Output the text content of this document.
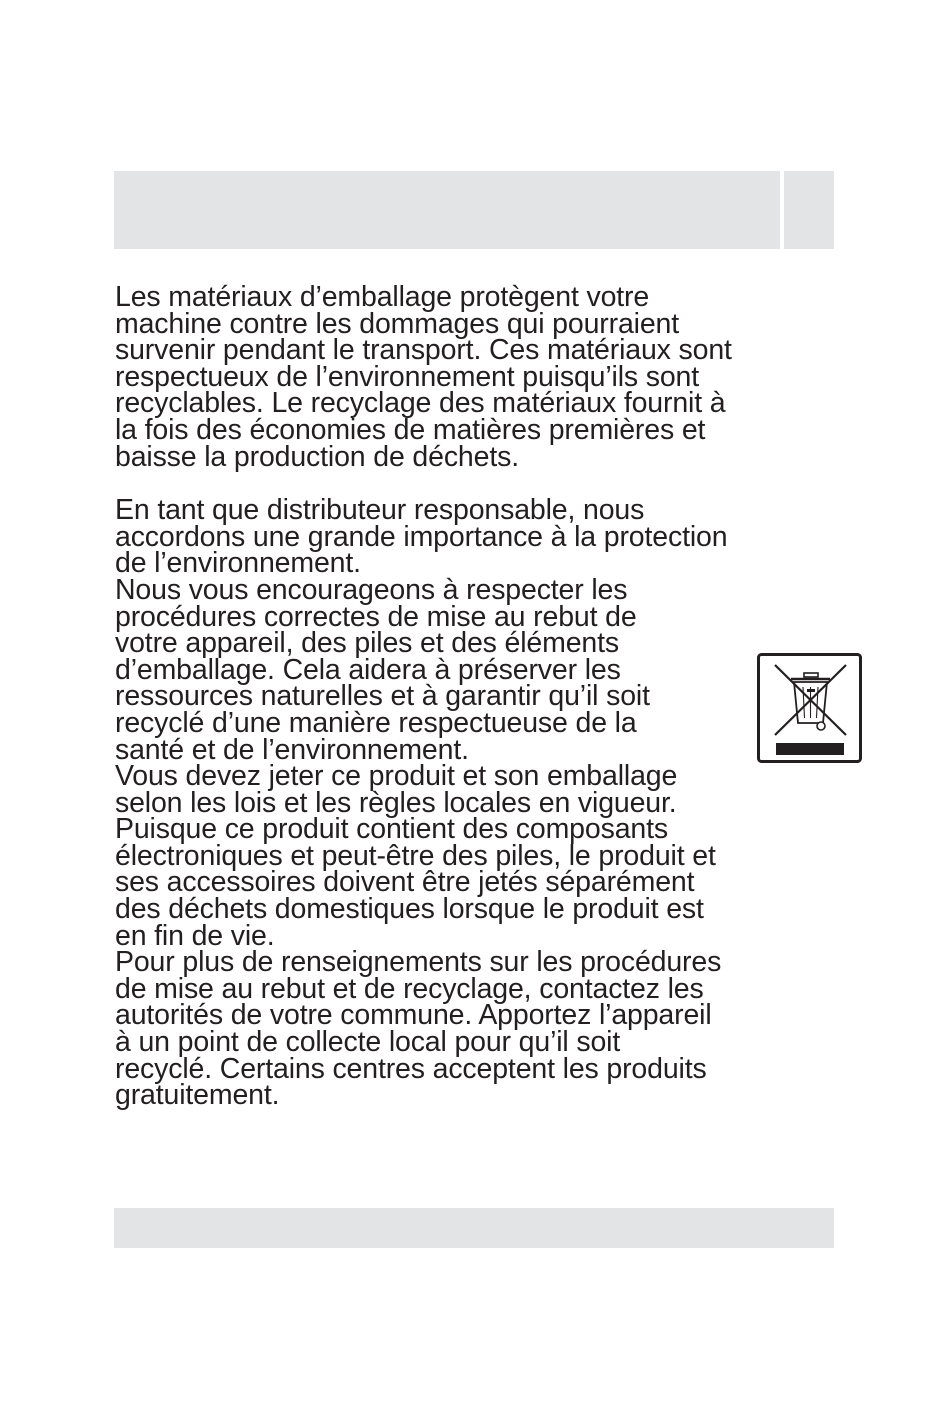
Les matériaux d’emballage protègent votre
machine contre les dommages qui pourraient
survenir pendant le transport. Ces matériaux sont
respectueux de l’environnement puisqu’ils sont
recyclables. Le recyclage des matériaux fournit à
la fois des économies de matières premières et
baisse la production de déchets.

En tant que distributeur responsable, nous
accordons une grande importance à la protection
de l’environnement.

Nous vous encourageons à respecter les
procédures correctes de mise au rebut de
votre appareil, des piles et des éléments
d’emballage. Cela aidera à préserver les
ressources naturelles et à garantir qu’il soit
recyclé d’une manière respectueuse de la
santé et de l’environnement.

Vous devez jeter ce produit et son emballage
selon les lois et les règles locales en vigueur.
Puisque ce produit contient des composants
électroniques et peut-être des piles, le produit et
ses accessoires doivent être jetés séparément
des déchets domestiques lorsque le produit est
en fin de vie.

Pour plus de renseignements sur les procédures
de mise au rebut et de recyclage, contactez les
autorités de votre commune. Apportez l’appareil
à un point de collecte local pour qu’il soit
recyclé. Certains centres acceptent les produits
gratuitement.
